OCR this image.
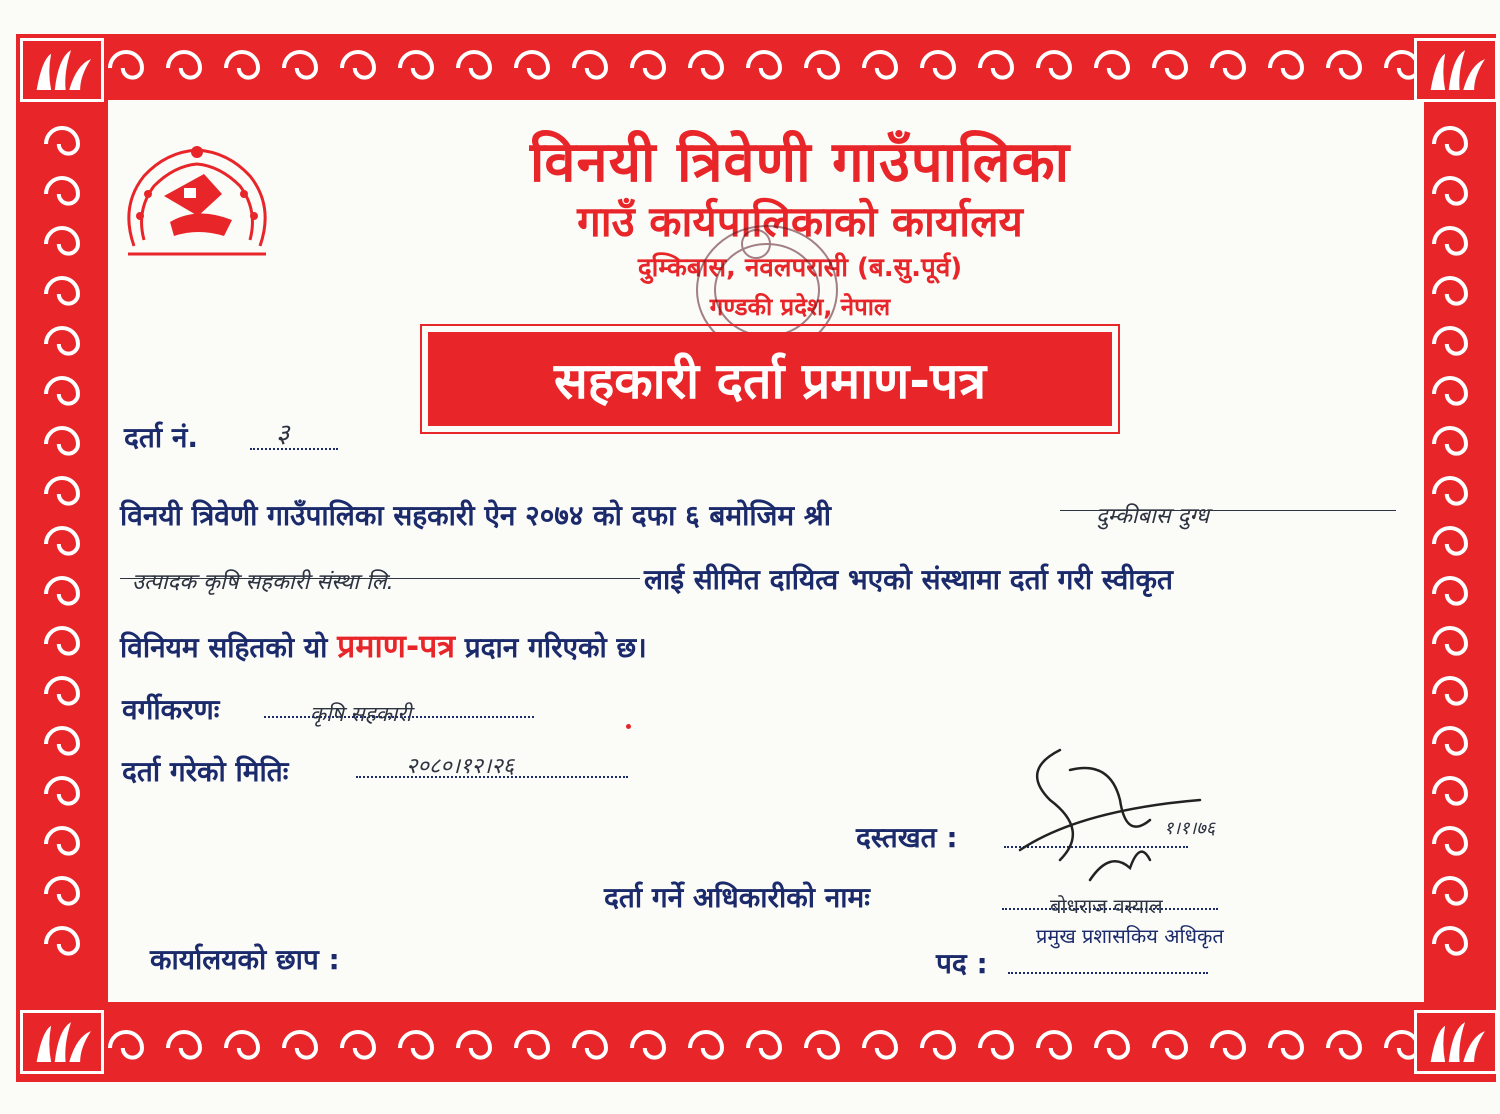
विनयी त्रिवेणी गाउँपालिका
गाउँ कार्यपालिकाको कार्यालय
दुम्किबास, नवलपरासी (ब.सु.पूर्व)
गण्डकी प्रदेश, नेपाल
सहकारी दर्ता प्रमाण-पत्र
दर्ता नं.	३
विनयी त्रिवेणी गाउँपालिका सहकारी ऐन २०७४ को दफा ६ बमोजिम श्री	दुम्कीबास दुग्ध
उत्पादक कृषि सहकारी संस्था लि.	लाई सीमित दायित्व भएको संस्थामा दर्ता गरी स्वीकृत
विनियम सहितको यो प्रमाण-पत्र प्रदान गरिएको छ।
वर्गीकरणः	कृषि सहकारी
दर्ता गरेको मितिः	२०८०।१२।२६
दस्तखत :	१।१।७६
दर्ता गर्ने अधिकारीको नामः	बोधराज वस्याल
प्रमुख प्रशासकिय अधिकृत
कार्यालयको छाप :	पद :
